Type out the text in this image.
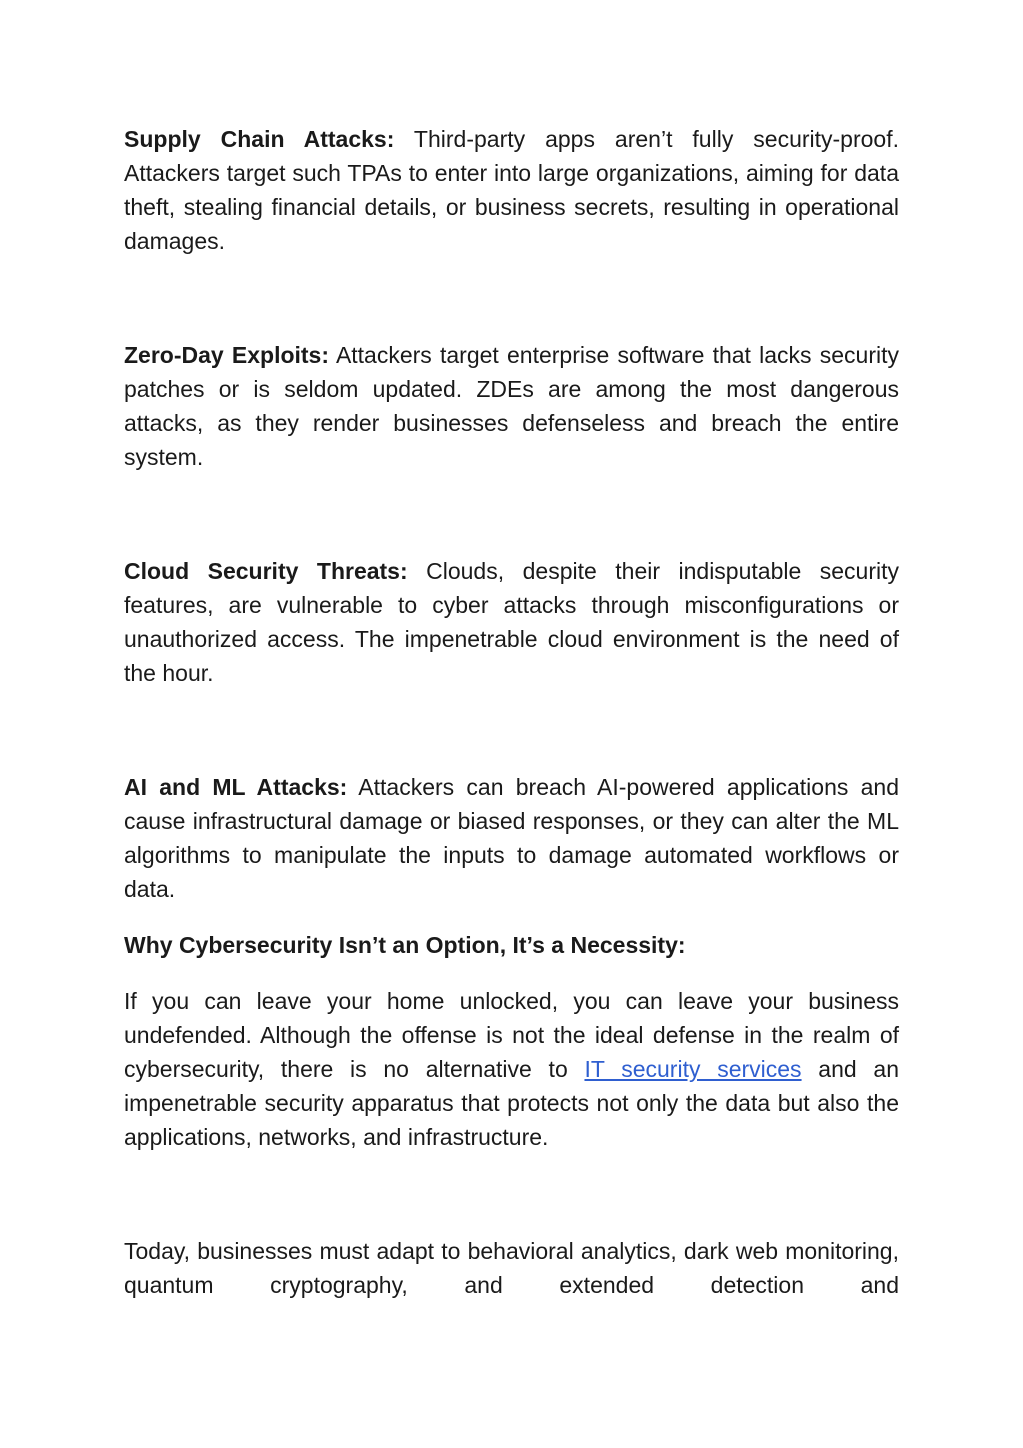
Supply Chain Attacks: Third-party apps aren’t fully security-proof. Attackers target such TPAs to enter into large organizations, aiming for data theft, stealing financial details, or business secrets, resulting in operational damages.

Zero-Day Exploits: Attackers target enterprise software that lacks security patches or is seldom updated. ZDEs are among the most dangerous attacks, as they render businesses defenseless and breach the entire system.

Cloud Security Threats: Clouds, despite their indisputable security features, are vulnerable to cyber attacks through misconfigurations or unauthorized access. The impenetrable cloud environment is the need of the hour.

AI and ML Attacks: Attackers can breach AI-powered applications and cause infrastructural damage or biased responses, or they can alter the ML algorithms to manipulate the inputs to damage automated workflows or data.

Why Cybersecurity Isn’t an Option, It’s a Necessity:

If you can leave your home unlocked, you can leave your business undefended. Although the offense is not the ideal defense in the realm of cybersecurity, there is no alternative to IT security services and an impenetrable security apparatus that protects not only the data but also the applications, networks, and infrastructure.

Today, businesses must adapt to behavioral analytics, dark web monitoring, quantum cryptography, and extended detection and
